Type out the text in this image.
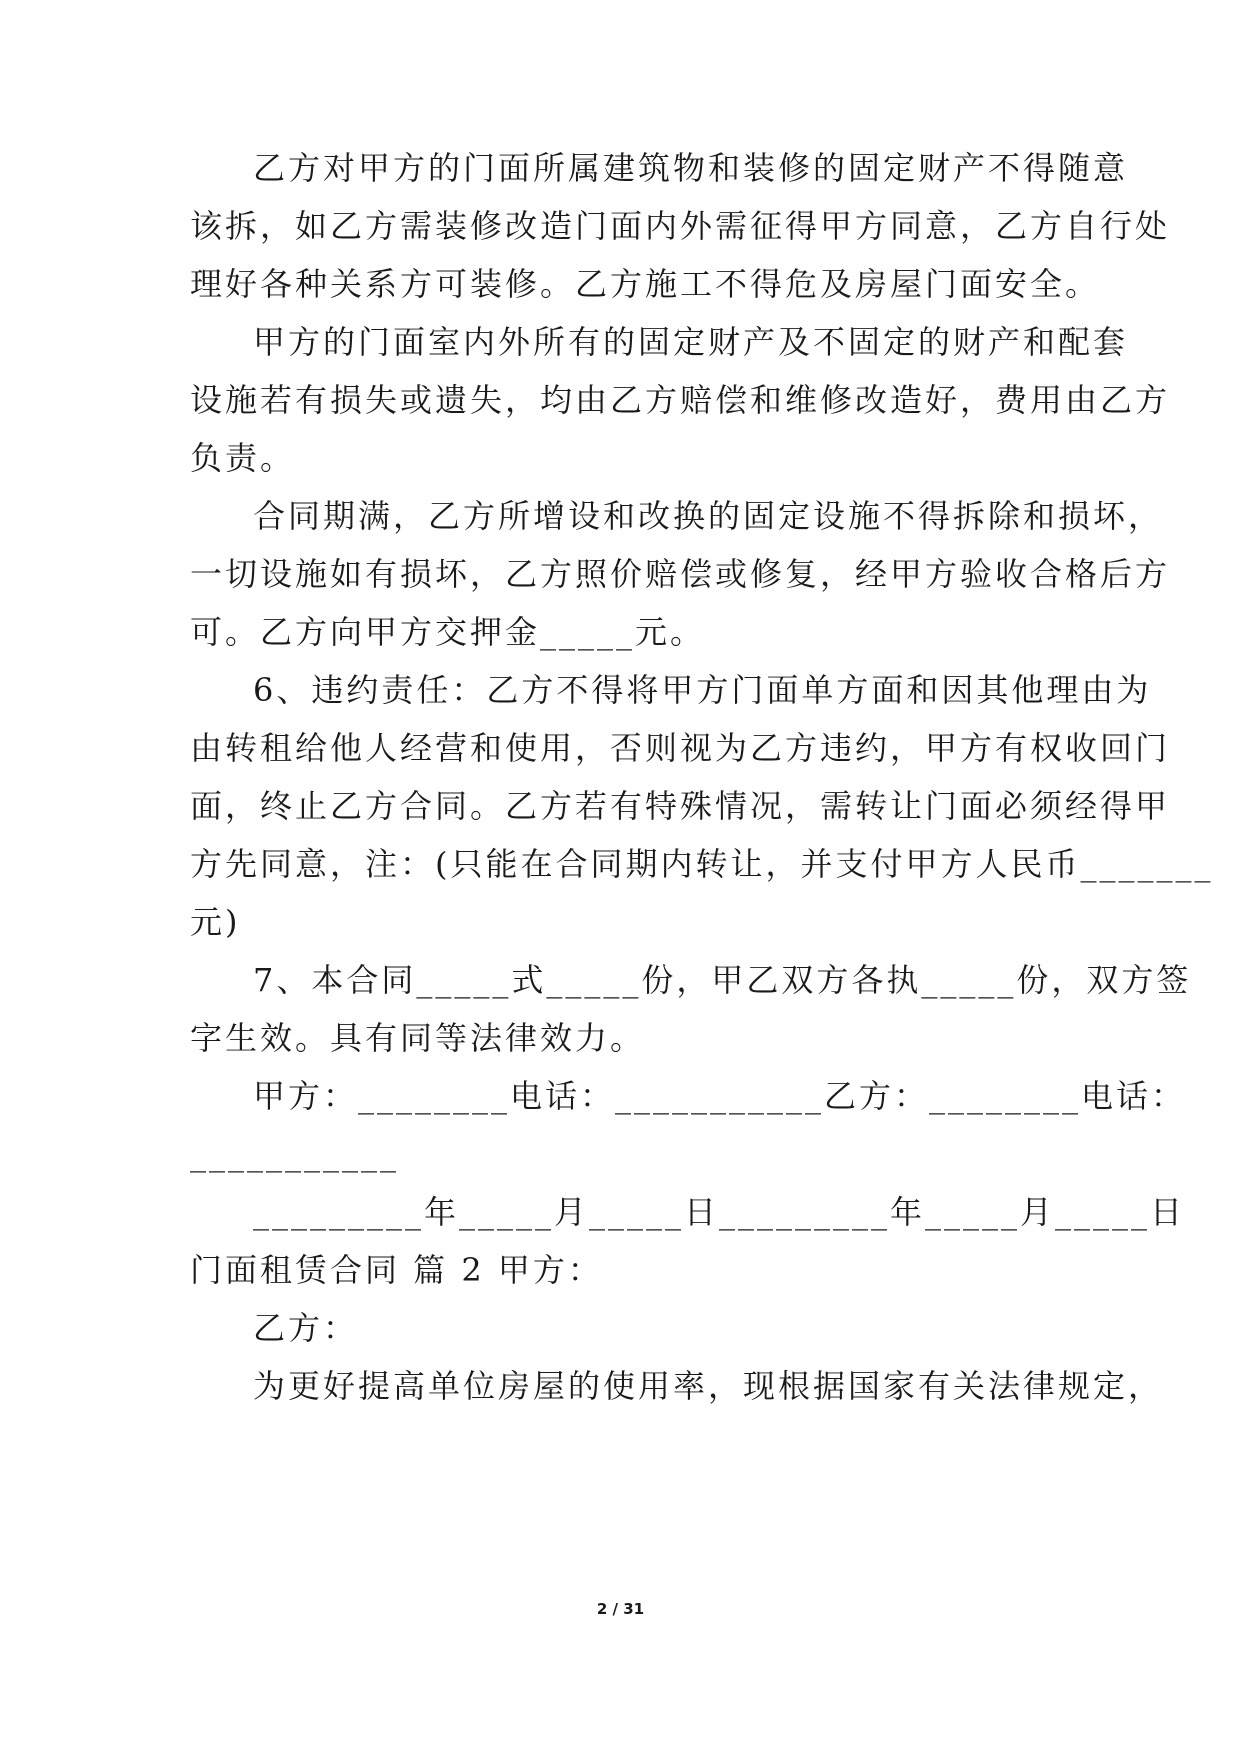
乙方对甲方的门面所属建筑物和装修的固定财产不得随意
该拆，如乙方需装修改造门面内外需征得甲方同意，乙方自行处
理好各种关系方可装修。乙方施工不得危及房屋门面安全。
甲方的门面室内外所有的固定财产及不固定的财产和配套
设施若有损失或遗失，均由乙方赔偿和维修改造好，费用由乙方
负责。
合同期满，乙方所增设和改换的固定设施不得拆除和损坏，
一切设施如有损坏，乙方照价赔偿或修复，经甲方验收合格后方
可。乙方向甲方交押金_____元。
6、违约责任：乙方不得将甲方门面单方面和因其他理由为
由转租给他人经营和使用，否则视为乙方违约，甲方有权收回门
面，终止乙方合同。乙方若有特殊情况，需转让门面必须经得甲
方先同意，注：(只能在合同期内转让，并支付甲方人民币_______
元)
7、本合同_____式_____份，甲乙双方各执_____份，双方签
字生效。具有同等法律效力。
甲方：________电话：___________乙方：________电话：
___________
_________年_____月_____日_________年_____月_____日
门面租赁合同 篇 2 甲方：
乙方：
为更好提高单位房屋的使用率，现根据国家有关法律规定，
2 / 31
